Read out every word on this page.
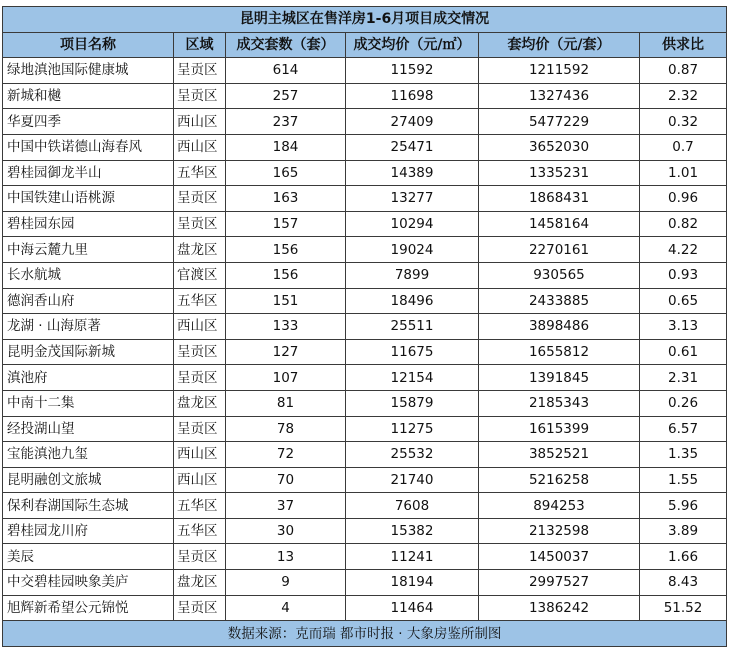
昆明主城区在售洋房1-6月项目成交情况					
项目名称	区域	成交套数（套）	成交均价（元/㎡）	套均价（元/套）	供求比
绿地滇池国际健康城	呈贡区	614	11592	1211592	0.87
新城和樾	呈贡区	257	11698	1327436	2.32
华夏四季	西山区	237	27409	5477229	0.32
中国中铁诺德山海春风	西山区	184	25471	3652030	0.7
碧桂园御龙半山	五华区	165	14389	1335231	1.01
中国铁建山语桃源	呈贡区	163	13277	1868431	0.96
碧桂园东园	呈贡区	157	10294	1458164	0.82
中海云麓九里	盘龙区	156	19024	2270161	4.22
长水航城	官渡区	156	7899	930565	0.93
德润香山府	五华区	151	18496	2433885	0.65
龙湖 · 山海原著	西山区	133	25511	3898486	3.13
昆明金茂国际新城	呈贡区	127	11675	1655812	0.61
滇池府	呈贡区	107	12154	1391845	2.31
中南十二集	盘龙区	81	15879	2185343	0.26
经投湖山望	呈贡区	78	11275	1615399	6.57
宝能滇池九玺	西山区	72	25532	3852521	1.35
昆明融创文旅城	西山区	70	21740	5216258	1.55
保利春湖国际生态城	五华区	37	7608	894253	5.96
碧桂园龙川府	五华区	30	15382	2132598	3.89
美辰	呈贡区	13	11241	1450037	1.66
中交碧桂园映象美庐	盘龙区	9	18194	2997527	8.43
旭辉新希望公元锦悦	呈贡区	4	11464	1386242	51.52
数据来源：克而瑞 都市时报 · 大象房鉴所制图					
